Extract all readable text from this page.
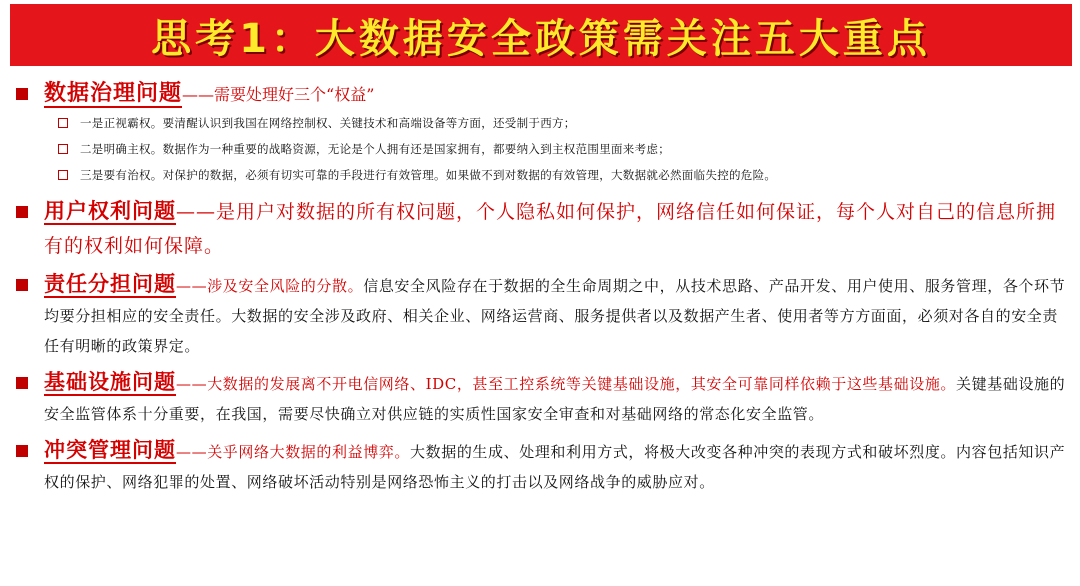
思考1：大数据安全政策需关注五大重点
数据治理问题——需要处理好三个“权益”
一是正视霸权。要清醒认识到我国在网络控制权、关键技术和高端设备等方面，还受制于西方；
二是明确主权。数据作为一种重要的战略资源，无论是个人拥有还是国家拥有，都要纳入到主权范围里面来考虑；
三是要有治权。对保护的数据，必须有切实可靠的手段进行有效管理。如果做不到对数据的有效管理，大数据就必然面临失控的危险。
用户权利问题——是用户对数据的所有权问题，个人隐私如何保护，网络信任如何保证，每个人对自己的信息所拥有的权利如何保障。
责任分担问题——涉及安全风险的分散。信息安全风险存在于数据的全生命周期之中，从技术思路、产品开发、用户使用、服务管理，各个环节均要分担相应的安全责任。大数据的安全涉及政府、相关企业、网络运营商、服务提供者以及数据产生者、使用者等方方面面，必须对各自的安全责任有明晰的政策界定。
基础设施问题——大数据的发展离不开电信网络、IDC，甚至工控系统等关键基础设施，其安全可靠同样依赖于这些基础设施。关键基础设施的安全监管体系十分重要，在我国，需要尽快确立对供应链的实质性国家安全审查和对基础网络的常态化安全监管。
冲突管理问题——关乎网络大数据的利益博弈。大数据的生成、处理和利用方式，将极大改变各种冲突的表现方式和破坏烈度。内容包括知识产权的保护、网络犯罪的处置、网络破坏活动特别是网络恐怖主义的打击以及网络战争的威胁应对。
